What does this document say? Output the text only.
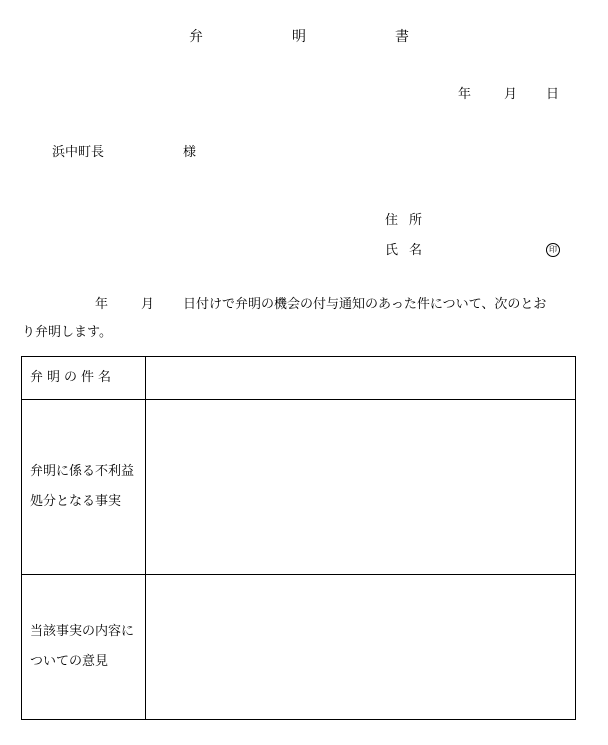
弁	明	書
年	月 日
浜中町長	様
住所
氏名	印
年	月 日付けで弁明の機会の付与通知のあった件について、次のとお
り弁明します。
弁明の件名	

弁明に係る不利益処分となる事実	

当該事実の内容についての意見	
